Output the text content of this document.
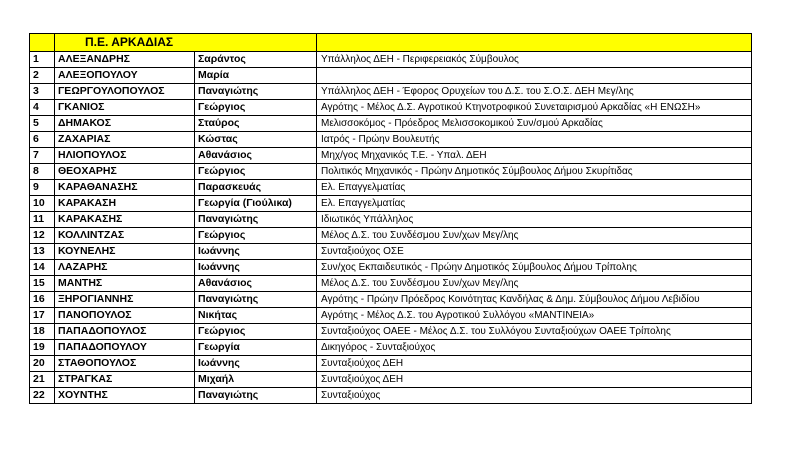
	Π.Ε. ΑΡΚΑΔΙΑΣ		
1	ΑΛΕΞΑΝΔΡΗΣ	Σαράντος	Υπάλληλος ΔΕΗ - Περιφερειακός Σύμβουλος
2	ΑΛΕΞΟΠΟΥΛΟΥ	Μαρία	
3	ΓΕΩΡΓΟΥΛΟΠΟΥΛΟΣ	Παναγιώτης	Υπάλληλος ΔΕΗ - Έφορος Ορυχείων του Δ.Σ. του Σ.Ο.Σ. ΔΕΗ Μεγ/λης
4	ΓΚΑΝΙΟΣ	Γεώργιος	Αγρότης - Μέλος Δ.Σ. Αγροτικού Κτηνοτροφικού Συνεταιρισμού Αρκαδίας «Η ΕΝΩΣΗ»
5	ΔΗΜΑΚΟΣ	Σταύρος	Μελισσοκόμος - Πρόεδρος Μελισσοκομικού Συν/σμού Αρκαδίας
6	ΖΑΧΑΡΙΑΣ	Κώστας	Ιατρός - Πρώην Βουλευτής
7	ΗΛΙΟΠΟΥΛΟΣ	Αθανάσιος	Μηχ/γος Μηχανικός Τ.Ε. - Υπαλ. ΔΕΗ
8	ΘΕΟΧΑΡΗΣ	Γεώργιος	Πολιτικός Μηχανικός - Πρώην Δημοτικός Σύμβουλος Δήμου Σκυρίτιδας
9	ΚΑΡΑΘΑΝΑΣΗΣ	Παρασκευάς	Ελ. Επαγγελματίας
10	ΚΑΡΑΚΑΣΗ	Γεωργία (Γιούλικα)	Ελ. Επαγγελματίας
11	ΚΑΡΑΚΑΣΗΣ	Παναγιώτης	Ιδιωτικός Υπάλληλος
12	ΚΟΛΛΙΝΤΖΑΣ	Γεώργιος	Μέλος Δ.Σ. του Συνδέσμου Συν/χων Μεγ/λης
13	ΚΟΥΝΕΛΗΣ	Ιωάννης	Συνταξιούχος ΟΣΕ
14	ΛΑΖΑΡΗΣ	Ιωάννης	Συν/χος Εκπαιδευτικός - Πρώην Δημοτικός Σύμβουλος Δήμου Τρίπολης
15	ΜΑΝΤΗΣ	Αθανάσιος	Μέλος Δ.Σ. του Συνδέσμου Συν/χων Μεγ/λης
16	ΞΗΡΟΓΙΑΝΝΗΣ	Παναγιώτης	Αγρότης - Πρώην Πρόεδρος Κοινότητας Κανδήλας & Δημ. Σύμβουλος Δήμου Λεβιδίου
17	ΠΑΝΟΠΟΥΛΟΣ	Νικήτας	Αγρότης - Μέλος Δ.Σ. του Αγροτικού Συλλόγου «ΜΑΝΤΙΝΕΙΑ»
18	ΠΑΠΑΔΟΠΟΥΛΟΣ	Γεώργιος	Συνταξιούχος ΟΑΕΕ - Μέλος Δ.Σ. του Συλλόγου Συνταξιούχων ΟΑΕΕ Τρίπολης
19	ΠΑΠΑΔΟΠΟΥΛΟΥ	Γεωργία	Δικηγόρος - Συνταξιούχος
20	ΣΤΑΘΟΠΟΥΛΟΣ	Ιωάννης	Συνταξιούχος ΔΕΗ
21	ΣΤΡΑΓΚΑΣ	Μιχαήλ	Συνταξιούχος ΔΕΗ
22	ΧΟΥΝΤΗΣ	Παναγιώτης	Συνταξιούχος
